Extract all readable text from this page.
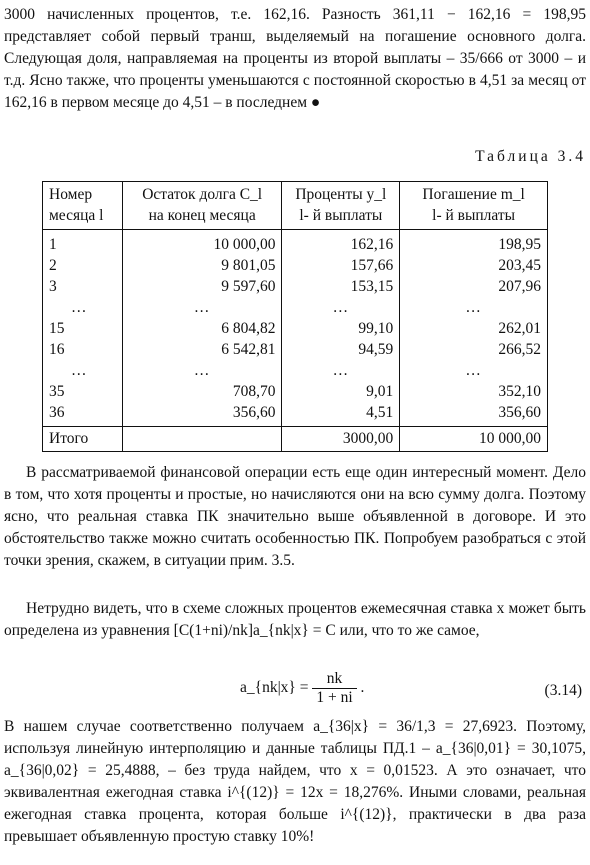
3000 начисленных процентов, т.е. 162,16. Разность 361,11 − 162,16 = 198,95 представляет собой первый транш, выделяемый на погашение основного долга. Следующая доля, направляемая на проценты из второй выплаты – 35/666 от 3000 – и т.д. Ясно также, что проценты уменьшаются с постоянной скоростью в 4,51 за месяц от 162,16 в первом месяце до 4,51 – в последнем ●

Таблица 3.4
Номер	Остаток долга C_l	Проценты y_l	Погашение m_l
месяца l	на конец месяца	l- й выплаты	l- й выплаты
1	10 000,00	162,16	198,95
2	9 801,05	157,66	203,45
3	9 597,60	153,15	207,96
…	…	…	…
15	6 804,82	99,10	262,01
16	6 542,81	94,59	266,52
…	…	…	…
35	708,70	9,01	352,10
36	356,60	4,51	356,60
Итого		3000,00	10 000,00

В рассматриваемой финансовой операции есть еще один интересный момент. Дело в том, что хотя проценты и простые, но начисляются они на всю сумму долга. Поэтому ясно, что реальная ставка ПК значительно выше объявленной в договоре. И это обстоятельство также можно считать особенностью ПК. Попробуем разобраться с этой точки зрения, скажем, в ситуации прим. 3.5.

Нетрудно видеть, что в схеме сложных процентов ежемесячная ставка x может быть определена из уравнения [C(1+ni)/nk]a_{nk|x} = C или, что то же самое,

a_{nk|x} = $\frac{nk}{1 + ni}$ .	(3.14)

В нашем случае соответственно получаем a_{36|x} = 36/1,3 = 27,6923. Поэтому, используя линейную интерполяцию и данные таблицы ПД.1 – a_{36|0,01} = 30,1075, a_{36|0,02} = 25,4888, – без труда найдем, что x = 0,01523. А это означает, что эквивалентная ежегодная ставка i^{(12)} = 12x = 18,276%. Иными словами, реальная ежегодная ставка процента, которая больше i^{(12)}, практически в два раза превышает объявленную простую ставку 10%!
